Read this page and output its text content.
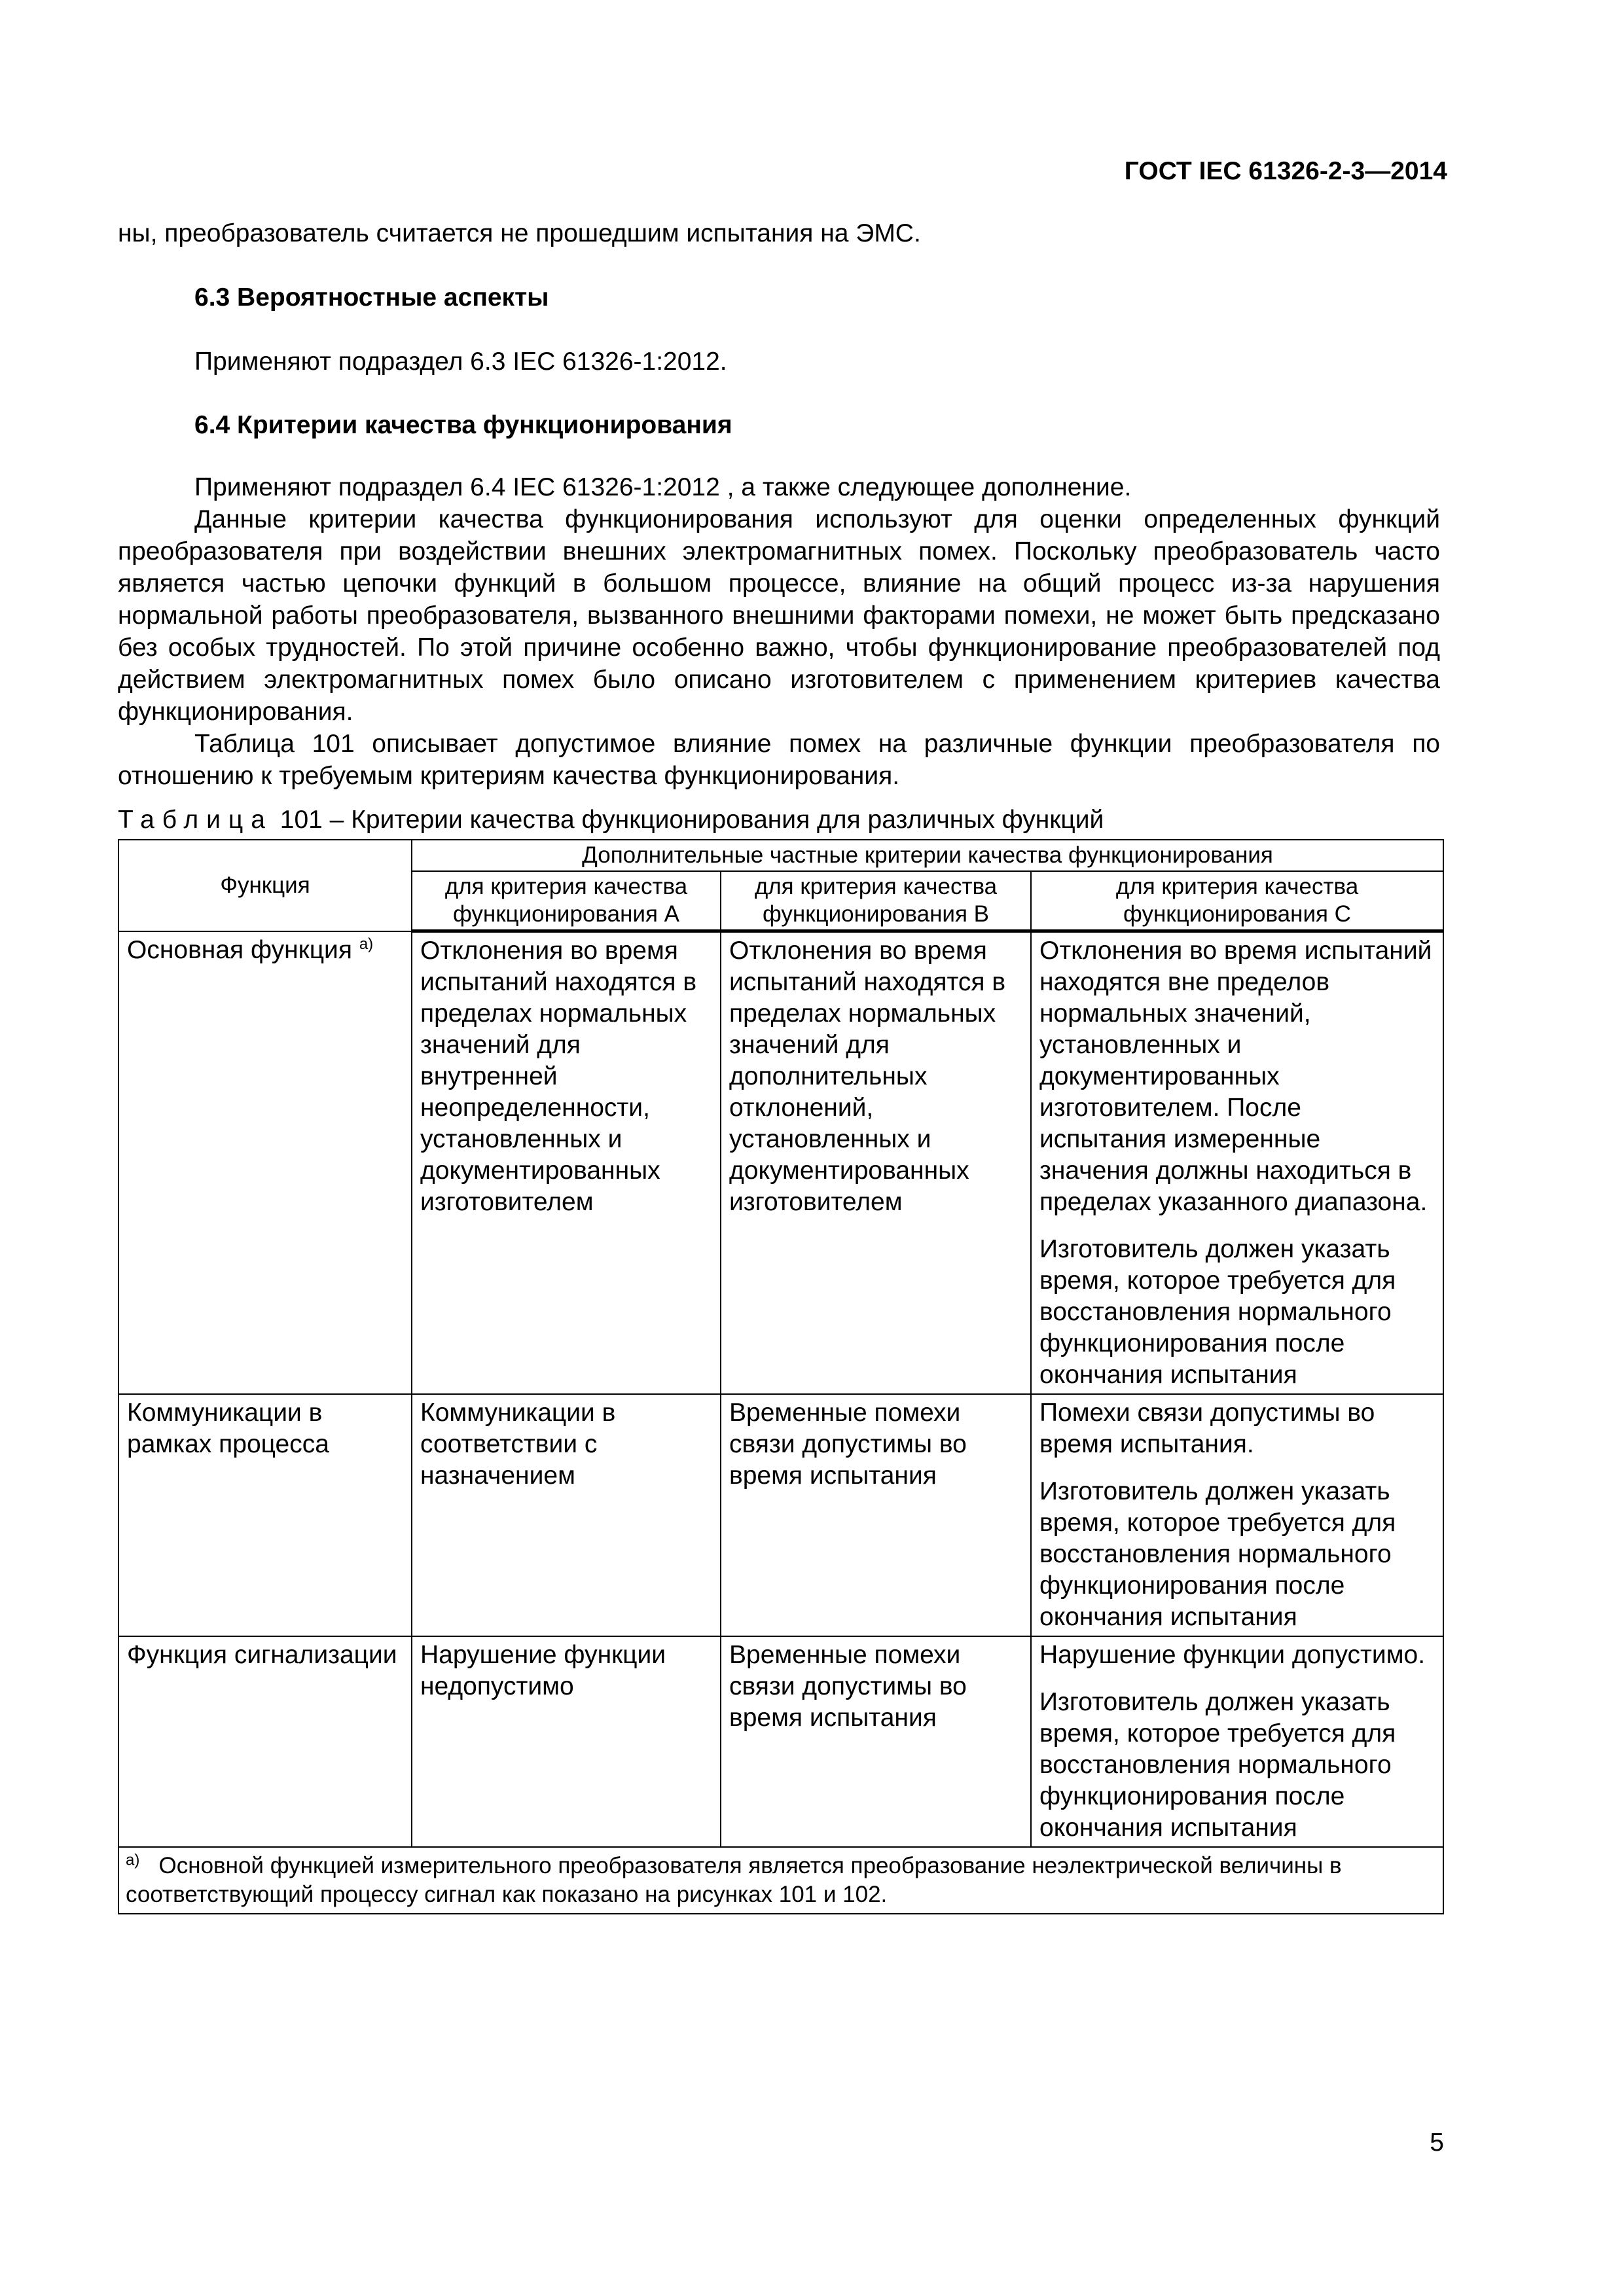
ГОСТ IEC 61326-2-3—2014
ны, преобразователь считается не прошедшим испытания на ЭМС.
6.3 Вероятностные аспекты
Применяют подраздел 6.3 IEC 61326-1:2012.
6.4 Критерии качества функционирования

Применяют подраздел 6.4 IEC 61326-1:2012 , а также следующее дополнение.

Данные критерии качества функционирования используют для оценки определенных функций преобразователя при воздействии внешних электромагнитных помех. Поскольку преобразователь часто является частью цепочки функций в большом процессе, влияние на общий процесс из-за нарушения нормальной работы преобразователя, вызванного внешними факторами помехи, не может быть предсказано без особых трудностей. По этой причине особенно важно, чтобы функционирование преобразователей под действием электромагнитных помех было описано изготовителем с применением критериев качества функционирования.

Таблица 101 описывает допустимое влияние помех на различные функции преобразователя по отношению к требуемым критериям качества функционирования.

Таблица 101 – Критерии качества функционирования для различных функций
Функция	Дополнительные частные критерии качества функционирования		
	для критерия качества функционирования А	для критерия качества функционирования В	для критерия качества функционирования С
Основная функция $^{а)}$	Отклонения во время испытаний находятся в пределах нормальных значений для внутренней неопределенности, установленных и документированных изготовителем	Отклонения во время испытаний находятся в пределах нормальных значений для дополнительных отклонений, установленных и документированных изготовителем	Отклонения во время испытаний находятся вне пределов нормальных значений, установленных и документированных изготовителем. После испытания измеренные значения должны находиться в пределах указанного диапазона.

Изготовитель должен указать время, которое требуется для восстановления нормального функционирования после окончания испытания

Коммуникации в рамках процесса	Коммуникации в соответствии с назначением	Временные помехи связи допустимы во время испытания	Помехи связи допустимы во время испытания.

Изготовитель должен указать время, которое требуется для восстановления нормального функционирования после окончания испытания

Функция сигнализации	Нарушение функции недопустимо	Временные помехи связи допустимы во время испытания	Нарушение функции допустимо.

Изготовитель должен указать время, которое требуется для восстановления нормального функционирования после окончания испытания

$^{а)}$ Основной функцией измерительного преобразователя является преобразование неэлектрической величины в соответствующий процессу сигнал как показано на рисунках 101 и 102.			
5
